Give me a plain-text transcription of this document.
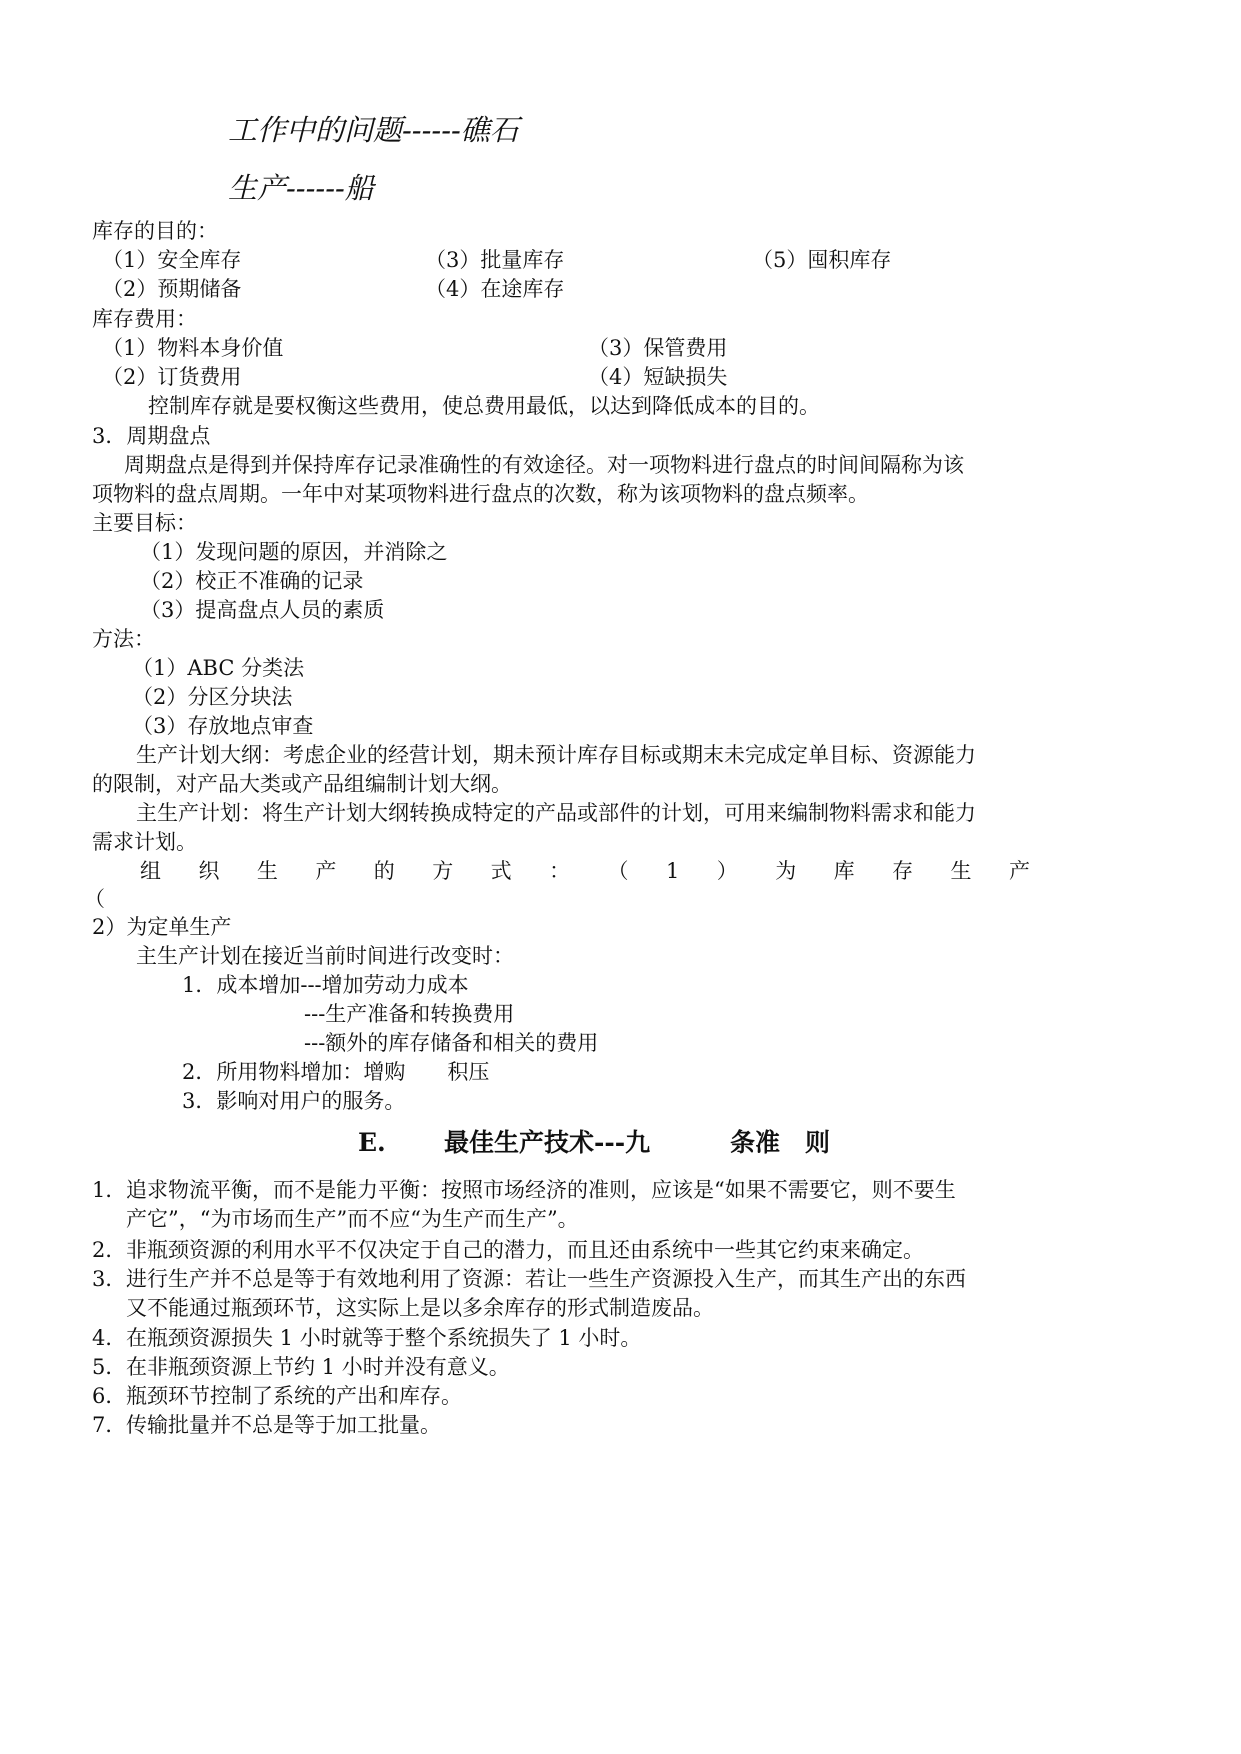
工作中的问题------礁石
生产------船
库存的目的：
（1）安全库存	（3）批量库存	（5）囤积库存
（2）预期储备	（4）在途库存
库存费用：
（1）物料本身价值	（3）保管费用
（2）订货费用	（4）短缺损失
控制库存就是要权衡这些费用，使总费用最低，以达到降低成本的目的。
3．周期盘点
周期盘点是得到并保持库存记录准确性的有效途径。对一项物料进行盘点的时间间隔称为该
项物料的盘点周期。一年中对某项物料进行盘点的次数，称为该项物料的盘点频率。
主要目标：
（1）发现问题的原因，并消除之
（2）校正不准确的记录
（3）提高盘点人员的素质
方法：
（1）ABC 分类法
（2）分区分块法
（3）存放地点审查
生产计划大纲：考虑企业的经营计划，期未预计库存目标或期末未完成定单目标、资源能力
的限制，对产品大类或产品组编制计划大纲。
主生产计划：将生产计划大纲转换成特定的产品或部件的计划，可用来编制物料需求和能力
需求计划。
组 织 生 产 的 方 式 ： （ 1 ） 为 库 存 生 产
（
2）为定单生产
主生产计划在接近当前时间进行改变时：
1．成本增加---增加劳动力成本
---生产准备和转换费用
---额外的库存储备和相关的费用
2．所用物料增加：增购　　积压
3．影响对用户的服务。
E. 最佳生产技术---九	条准　则
1． 追求物流平衡，而不是能力平衡：按照市场经济的准则，应该是“如果不需要它，则不要生
产它”，“为市场而生产”而不应“为生产而生产”。
2． 非瓶颈资源的利用水平不仅决定于自己的潜力，而且还由系统中一些其它约束来确定。
3． 进行生产并不总是等于有效地利用了资源：若让一些生产资源投入生产，而其生产出的东西
又不能通过瓶颈环节，这实际上是以多余库存的形式制造废品。
4． 在瓶颈资源损失 1 小时就等于整个系统损失了 1 小时。
5． 在非瓶颈资源上节约 1 小时并没有意义。
6． 瓶颈环节控制了系统的产出和库存。
7． 传输批量并不总是等于加工批量。
